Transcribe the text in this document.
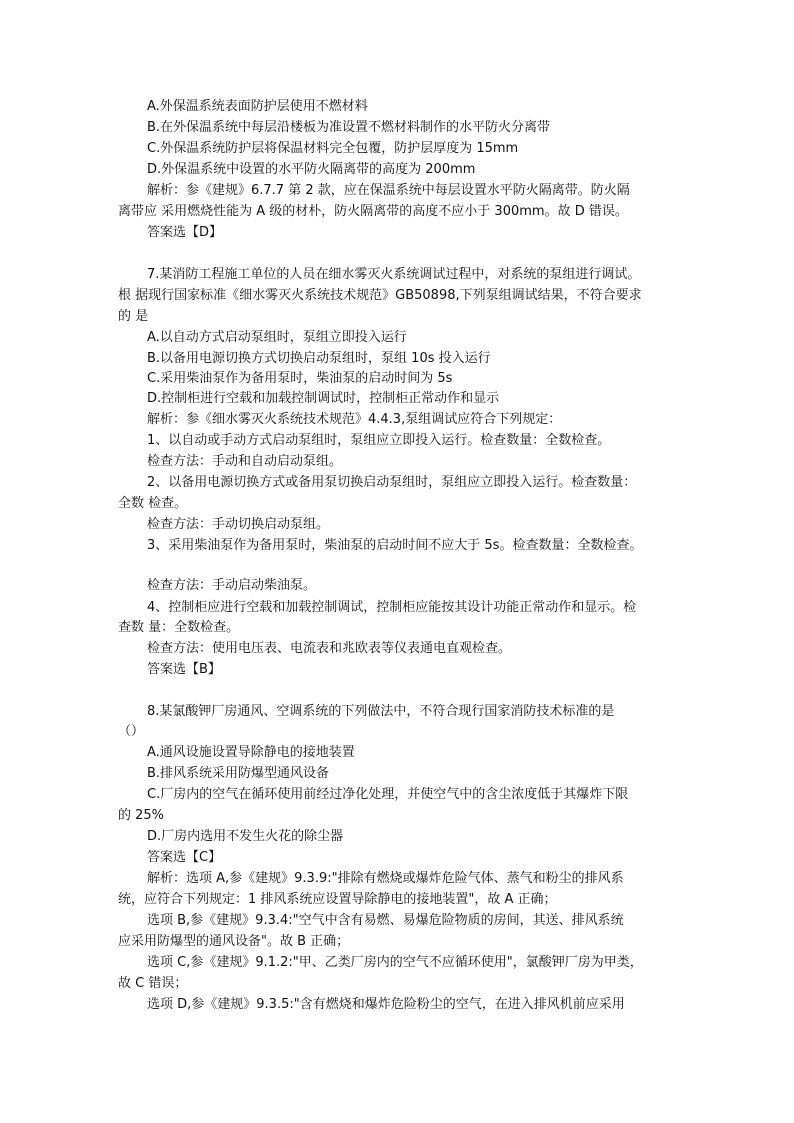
A.外保温系统表面防护层使用不燃材料
B.在外保温系统中每层沿楼板为准设置不燃材料制作的水平防火分离带
C.外保温系统防护层将保温材料完全包覆，防护层厚度为 15mm
D.外保温系统中设置的水平防火隔离带的高度为 200mm
解析：参《建规》6.7.7 第 2 款，应在保温系统中每层设置水平防火隔离带。防火隔
离带应 采用燃烧性能为 A 级的材朴，防火隔离带的高度不应小于 300mm。故 D 错误。
答案选【D】
7.某消防工程施工单位的人员在细水雾灭火系统调试过程中，对系统的泵组进行调试。
根 据现行国家标准《细水雾灭火系统技术规范》GB50898,下列泵组调试结果，不符合要求
的 是
A.以自动方式启动泵组时，泵组立即投入运行
B.以备用电源切换方式切换启动泵组时，泵组 10s 投入运行
C.采用柴油泵作为备用泵时，柴油泵的启动时间为 5s
D.控制柜进行空载和加载控制调试时，控制柜正常动作和显示
解析：参《细水雾灭火系统技术规范》4.4.3,泵组调试应符合下列规定：
1、以自动或手动方式启动泵组时，泵组应立即投入运行。检查数量：全数检查。
检查方法：手动和自动启动泵组。
2、以备用电源切换方式或备用泵切换启动泵组时，泵组应立即投入运行。检查数量：
全数 检查。
检查方法：手动切换启动泵组。
3、采用柴油泵作为备用泵时，柴油泵的启动时间不应大于 5s。检查数量：全数检查。
检查方法：手动启动柴油泵。
4、控制柜应进行空载和加载控制调试，控制柜应能按其设计功能正常动作和显示。检
查数 量：全数检查。
检查方法：使用电压表、电流表和兆欧表等仪表通电直观检查。
答案选【B】
8.某氯酸钾厂房通风、空调系统的下列做法中，不符合现行国家消防技术标准的是
（）
A.通风设施设置导除静电的接地装置
B.排风系统采用防爆型通风设备
C.厂房内的空气在循环使用前经过净化处理，并使空气中的含尘浓度低于其爆炸下限
的 25%
D.厂房内选用不发生火花的除尘器
答案选【C】
解析：选项 A,参《建规》9.3.9:"排除有燃烧或爆炸危险气体、蒸气和粉尘的排风系
统，应符合下列规定：1 排风系统应设置导除静电的接地装置"，故 A 正确；
选项 B,参《建规》9.3.4:"空气中含有易燃、易爆危险物质的房间，其送、排风系统
应采用防爆型的通风设备"。故 B 正确；
选项 C,参《建规》9.1.2:"甲、乙类厂房内的空气不应循环使用"，氯酸钾厂房为甲类，
故 C 错误；
选项 D,参《建规》9.3.5:"含有燃烧和爆炸危险粉尘的空气，在进入排风机前应采用
